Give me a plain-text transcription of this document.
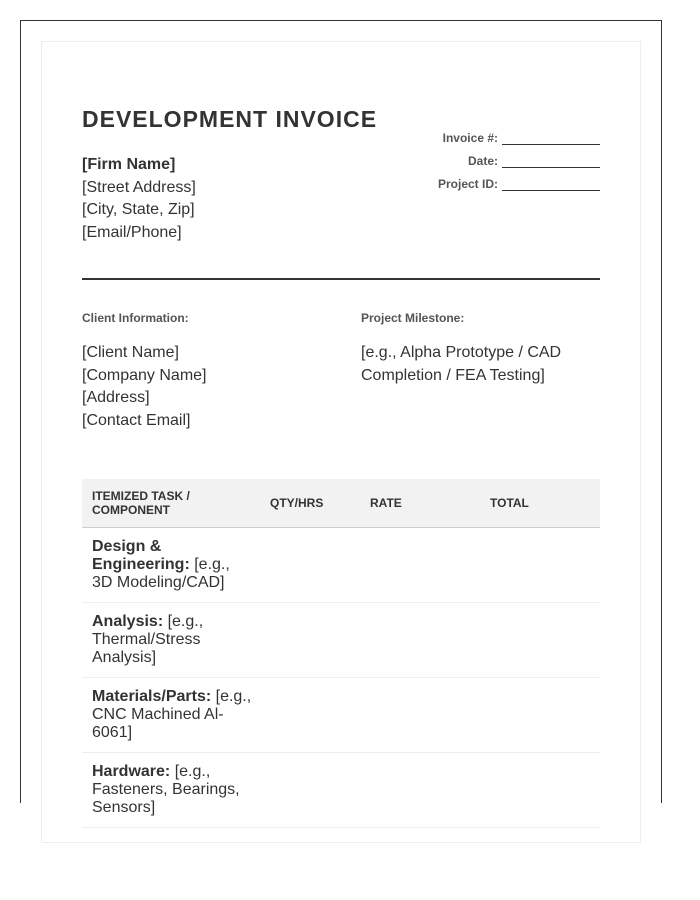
DEVELOPMENT INVOICE
[Firm Name]
[Street Address]
[City, State, Zip]
[Email/Phone]
Invoice #:
Date:
Project ID:
Client Information:	Project Milestone:
[Client Name]
[Company Name]
[Address]
[Contact Email]
[e.g., Alpha Prototype / CAD Completion / FEA Testing]
ITEMIZED TASK / COMPONENT	QTY/HRS	RATE	TOTAL
Design & Engineering: [e.g., 3D Modeling/CAD]
Analysis: [e.g., Thermal/Stress Analysis]
Materials/Parts: [e.g., CNC Machined Al-6061]
Hardware: [e.g., Fasteners, Bearings, Sensors]
